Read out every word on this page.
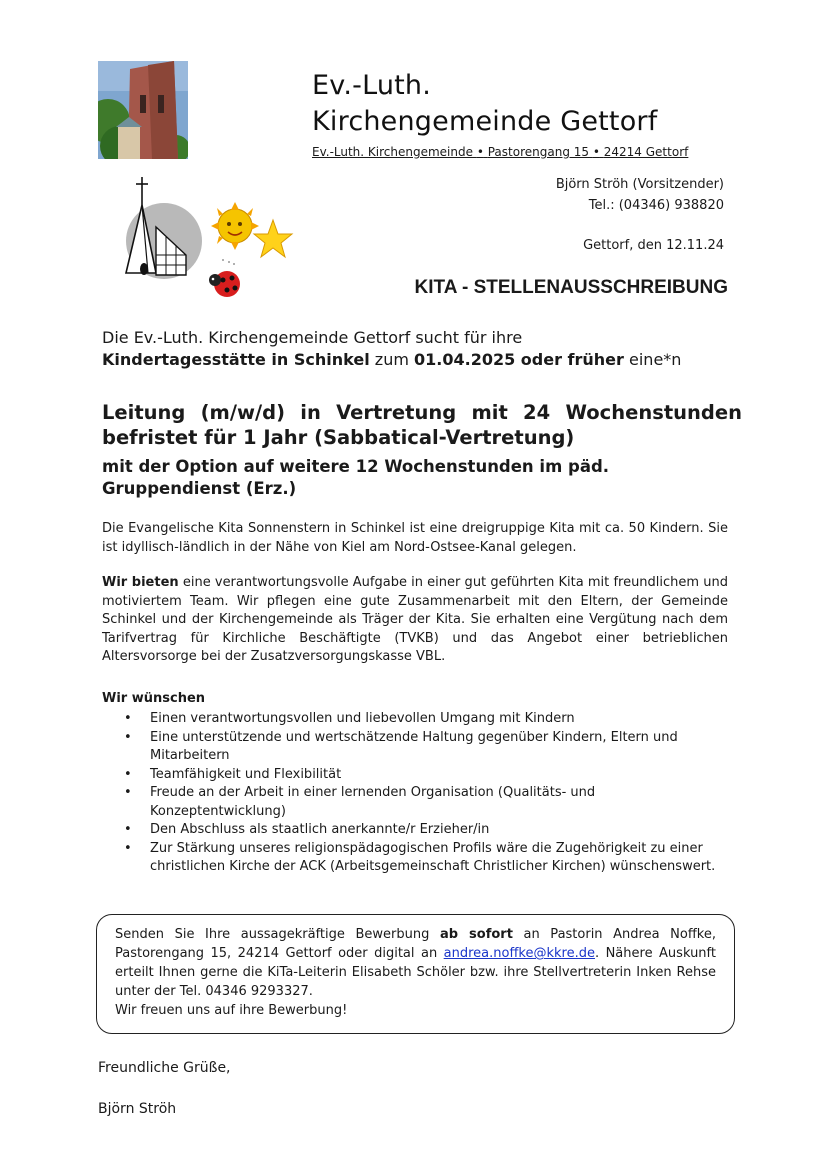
Ev.-Luth.
Kirchengemeinde Gettorf
Ev.-Luth. Kirchengemeinde • Pastorengang 15 • 24214 Gettorf
Björn Ströh (Vorsitzender)
Tel.: (04346) 938820
Gettorf, den 12.11.24
KITA - STELLENAUSSCHREIBUNG
Die Ev.-Luth. Kirchengemeinde Gettorf sucht für ihre
Kindertagesstätte in Schinkel zum 01.04.2025 oder früher eine*n
Leitung (m/w/d) in Vertretung mit 24 Wochenstunden befristet für 1 Jahr (Sabbatical-Vertretung)
mit der Option auf weitere 12 Wochenstunden im päd. Gruppendienst (Erz.)
Die Evangelische Kita Sonnenstern in Schinkel ist eine dreigruppige Kita mit ca. 50 Kindern. Sie ist idyllisch-ländlich in der Nähe von Kiel am Nord-Ostsee-Kanal gelegen.
Wir bieten eine verantwortungsvolle Aufgabe in einer gut geführten Kita mit freundlichem und motiviertem Team. Wir pflegen eine gute Zusammenarbeit mit den Eltern, der Gemeinde Schinkel und der Kirchengemeinde als Träger der Kita. Sie erhalten eine Vergütung nach dem Tarifvertrag für Kirchliche Beschäftigte (TVKB) und das Angebot einer betrieblichen Altersvorsorge bei der Zusatzversorgungskasse VBL.
Wir wünschen
• Einen verantwortungsvollen und liebevollen Umgang mit Kindern
• Eine unterstützende und wertschätzende Haltung gegenüber Kindern, Eltern und Mitarbeitern
• Teamfähigkeit und Flexibilität
• Freude an der Arbeit in einer lernenden Organisation (Qualitäts- und Konzeptentwicklung)
• Den Abschluss als staatlich anerkannte/r Erzieher/in
• Zur Stärkung unseres religionspädagogischen Profils wäre die Zugehörigkeit zu einer christlichen Kirche der ACK (Arbeitsgemeinschaft Christlicher Kirchen) wünschenswert.
Senden Sie Ihre aussagekräftige Bewerbung ab sofort an Pastorin Andrea Noffke, Pastorengang 15, 24214 Gettorf oder digital an andrea.noffke@kkre.de. Nähere Auskunft erteilt Ihnen gerne die KiTa-Leiterin Elisabeth Schöler bzw. ihre Stellvertreterin Inken Rehse unter der Tel. 04346 9293327.
Wir freuen uns auf ihre Bewerbung!
Freundliche Grüße,
Björn Ströh
